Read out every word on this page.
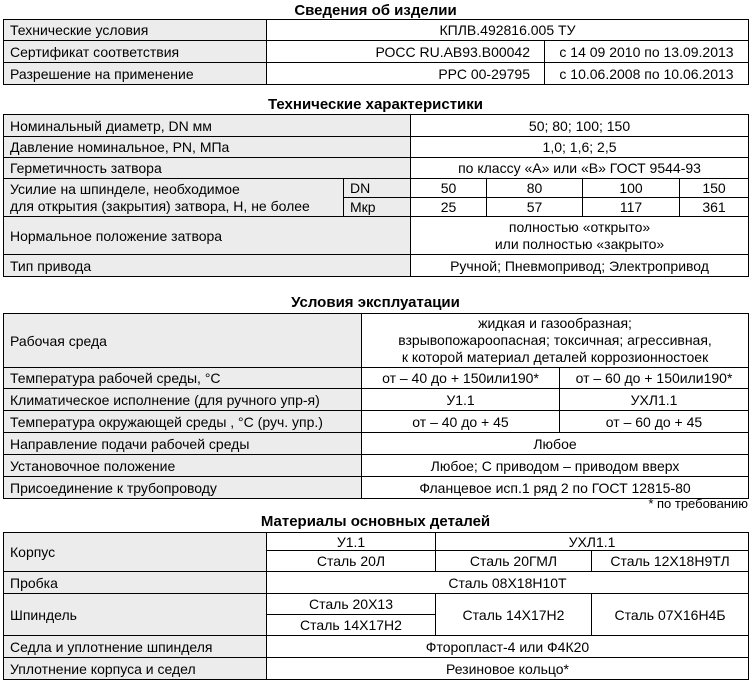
Сведения об изделии
Технические условия	КПЛВ.492816.005 ТУ	
Сертификат соответствия	РОСС RU.АВ93.В00042	с 14 09 2010 по 13.09.2013
Разрешение на применение	РРС 00-29795	с 10.06.2008 по 10.06.2013
Технические характеристики
Номинальный диаметр, DN мм		50; 80; 100; 150			
Давление номинальное, PN, МПа		1,0; 1,6; 2,5			
Герметичность затвора		по классу «А» или «В» ГОСТ 9544-93			
Усилие на шпинделе, необходимое
для открытия (закрытия) затвора, Н, не более	DN	50	80	100	150
	Мкр	25	57	117	361
Нормальное положение затвора		полностью «открыто»
или полностью «закрыто»			
Тип привода		Ручной; Пневмопривод; Электропривод			
Условия эксплуатации
Рабочая среда	жидкая и газообразная;
взрывопожароопасная; токсичная; агрессивная,
к которой материал деталей коррозионностоек	
Температура рабочей среды, °С	от – 40 до + 150или190*	от – 60 до + 150или190*
Климатическое исполнение (для ручного упр-я)	У1.1	УХЛ1.1
Температура окружающей среды , °С (руч. упр.)	от – 40 до + 45	от – 60 до + 45
Направление подачи рабочей среды	Любое	
Установочное положение	Любое; С приводом – приводом вверх	
Присоединение к трубопроводу	Фланцевое исп.1 ряд 2 по ГОСТ 12815-80	
* по требованию
Материалы основных деталей
Корпус	У1.1	УХЛ1.1	
	Сталь 20Л	Сталь 20ГМЛ	Сталь 12Х18Н9ТЛ
Пробка	Сталь 08Х18Н10Т		
Шпиндель	Сталь 20Х13	Сталь 14Х17Н2	Сталь 07Х16Н4Б
	Сталь 14Х17Н2		
Седла и уплотнение шпинделя	Фторопласт-4 или Ф4К20		
Уплотнение корпуса и седел	Резиновое кольцо*		
